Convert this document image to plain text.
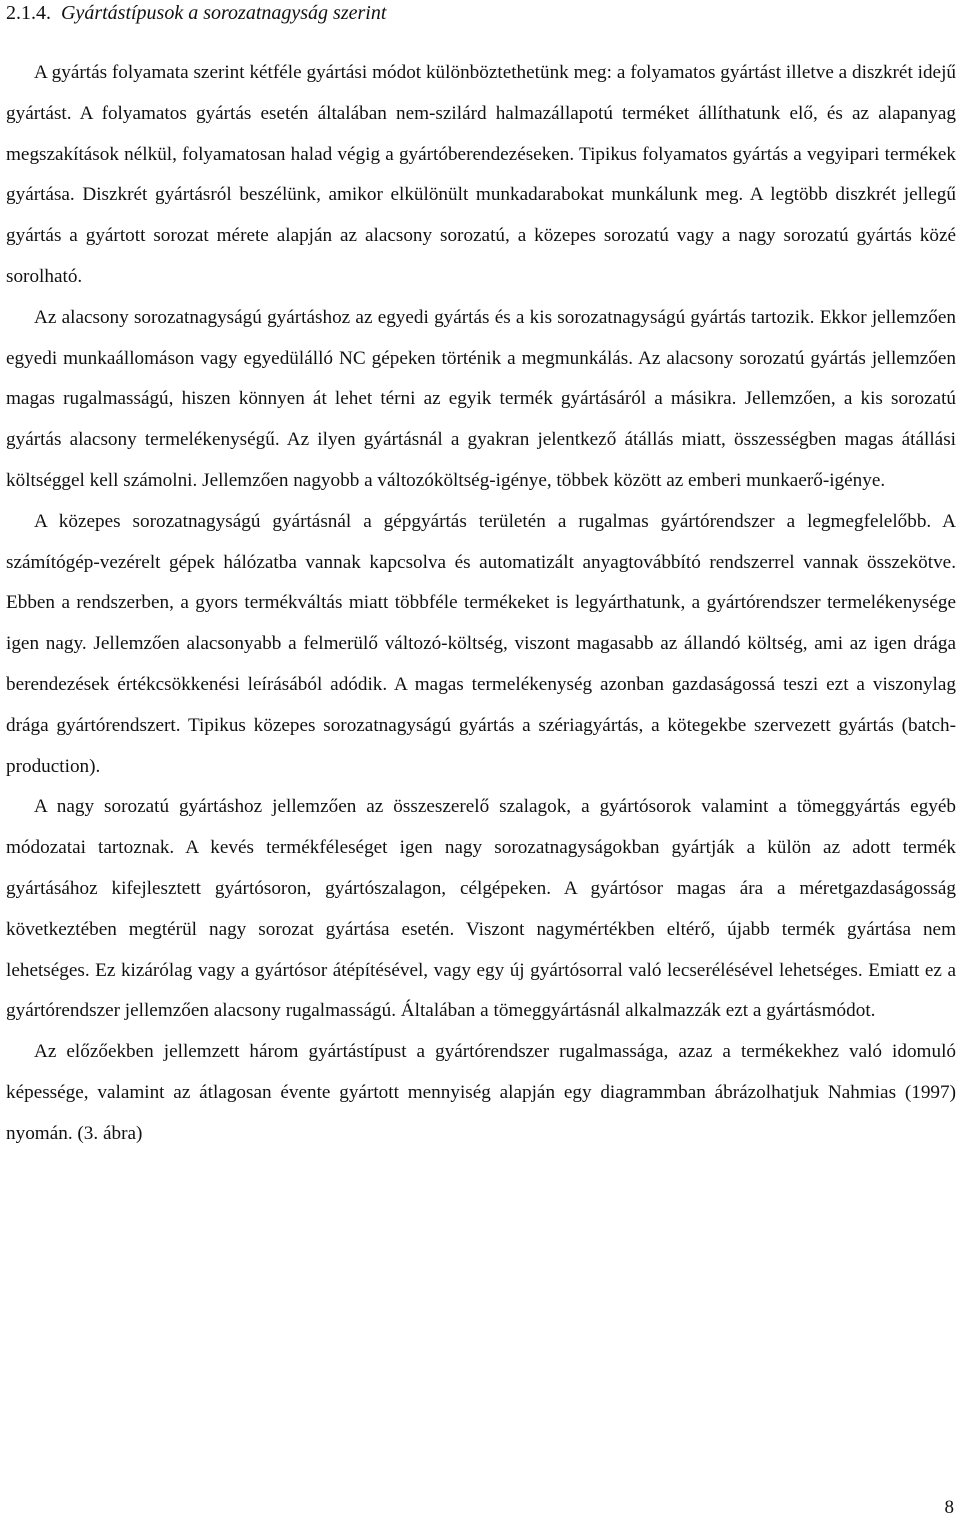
2.1.4. Gyártástípusok a sorozatnagyság szerint

A gyártás folyamata szerint kétféle gyártási módot különböztethetünk meg: a folyamatos gyártást illetve a diszkrét idejű gyártást. A folyamatos gyártás esetén általában nem-szilárd halmazállapotú terméket állíthatunk elő, és az alapanyag megszakítások nélkül, folyamatosan halad végig a gyártóberendezéseken. Tipikus folyamatos gyártás a vegyipari termékek gyártása. Diszkrét gyártásról beszélünk, amikor elkülönült munkadarabokat munkálunk meg. A legtöbb diszkrét jellegű gyártás a gyártott sorozat mérete alapján az alacsony sorozatú, a közepes sorozatú vagy a nagy sorozatú gyártás közé sorolható.

Az alacsony sorozatnagyságú gyártáshoz az egyedi gyártás és a kis sorozatnagyságú gyártás tartozik. Ekkor jellemzően egyedi munkaállomáson vagy egyedülálló NC gépeken történik a megmunkálás. Az alacsony sorozatú gyártás jellemzően magas rugalmasságú, hiszen könnyen át lehet térni az egyik termék gyártásáról a másikra. Jellemzően, a kis sorozatú gyártás alacsony termelékenységű. Az ilyen gyártásnál a gyakran jelentkező átállás miatt, összességben magas átállási költséggel kell számolni. Jellemzően nagyobb a változóköltség-igénye, többek között az emberi munkaerő-igénye.

A közepes sorozatnagyságú gyártásnál a gépgyártás területén a rugalmas gyártórendszer a legmegfelelőbb. A számítógép-vezérelt gépek hálózatba vannak kapcsolva és automatizált anyagtovábbító rendszerrel vannak összekötve. Ebben a rendszerben, a gyors termékváltás miatt többféle termékeket is legyárthatunk, a gyártórendszer termelékenysége igen nagy. Jellemzően alacsonyabb a felmerülő változó-költség, viszont magasabb az állandó költség, ami az igen drága berendezések értékcsökkenési leírásából adódik. A magas termelékenység azonban gazdaságossá teszi ezt a viszonylag drága gyártórendszert. Tipikus közepes sorozatnagyságú gyártás a szériagyártás, a kötegekbe szervezett gyártás (batch-production).

A nagy sorozatú gyártáshoz jellemzően az összeszerelő szalagok, a gyártósorok valamint a tömeggyártás egyéb módozatai tartoznak. A kevés termékféleséget igen nagy sorozatnagyságokban gyártják a külön az adott termék gyártásához kifejlesztett gyártósoron, gyártószalagon, célgépeken. A gyártósor magas ára a méretgazdaságosság következtében megtérül nagy sorozat gyártása esetén. Viszont nagymértékben eltérő, újabb termék gyártása nem lehetséges. Ez kizárólag vagy a gyártósor átépítésével, vagy egy új gyártósorral való lecserélésével lehetséges. Emiatt ez a gyártórendszer jellemzően alacsony rugalmasságú. Általában a tömeggyártásnál alkalmazzák ezt a gyártásmódot.

Az előzőekben jellemzett három gyártástípust a gyártórendszer rugalmassága, azaz a termékekhez való idomuló képessége, valamint az átlagosan évente gyártott mennyiség alapján egy diagrammban ábrázolhatjuk Nahmias (1997) nyomán. (3. ábra)

8
